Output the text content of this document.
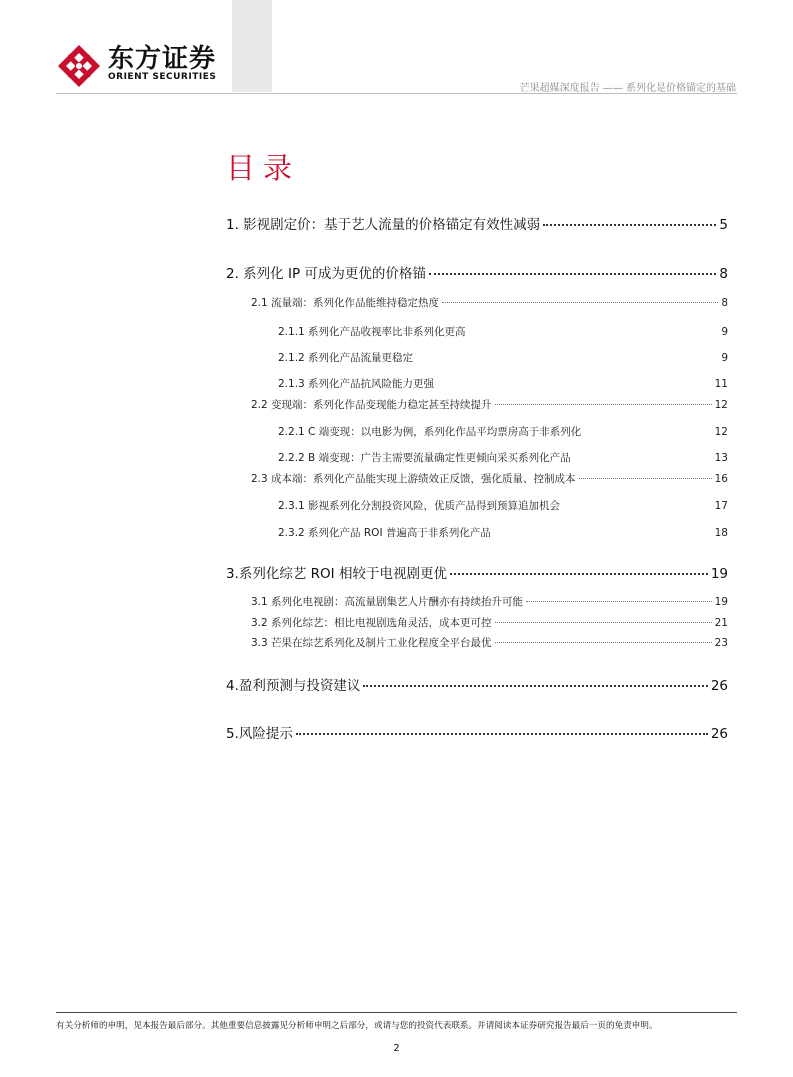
东方证券
ORIENT SECURITIES
芒果超媒深度报告 —— 系列化是价格锚定的基础
目录
1. 影视剧定价：基于艺人流量的价格锚定有效性减弱	5
2. 系列化 IP 可成为更优的价格锚	8
2.1 流量端：系列化作品能维持稳定热度	8
2.1.1 系列化产品收视率比非系列化更高	9
2.1.2 系列化产品流量更稳定	9
2.1.3 系列化产品抗风险能力更强	11
2.2 变现端：系列化作品变现能力稳定甚至持续提升	12
2.2.1 C 端变现：以电影为例，系列化作品平均票房高于非系列化	12
2.2.2 B 端变现：广告主需要流量确定性更倾向采买系列化产品	13
2.3 成本端：系列化产品能实现上游绩效正反馈，强化质量、控制成本	16
2.3.1 影视系列化分割投资风险，优质产品得到预算追加机会	17
2.3.2 系列化产品 ROI 普遍高于非系列化产品	18
3.系列化综艺 ROI 相较于电视剧更优	19
3.1 系列化电视剧：高流量剧集艺人片酬亦有持续抬升可能	19
3.2 系列化综艺：相比电视剧选角灵活，成本更可控	21
3.3 芒果在综艺系列化及制片工业化程度全平台最优	23
4.盈利预测与投资建议	26
5.风险提示	26
有关分析师的申明，见本报告最后部分。其他重要信息披露见分析师申明之后部分，或请与您的投资代表联系。并请阅读本证券研究报告最后一页的免责申明。
2
